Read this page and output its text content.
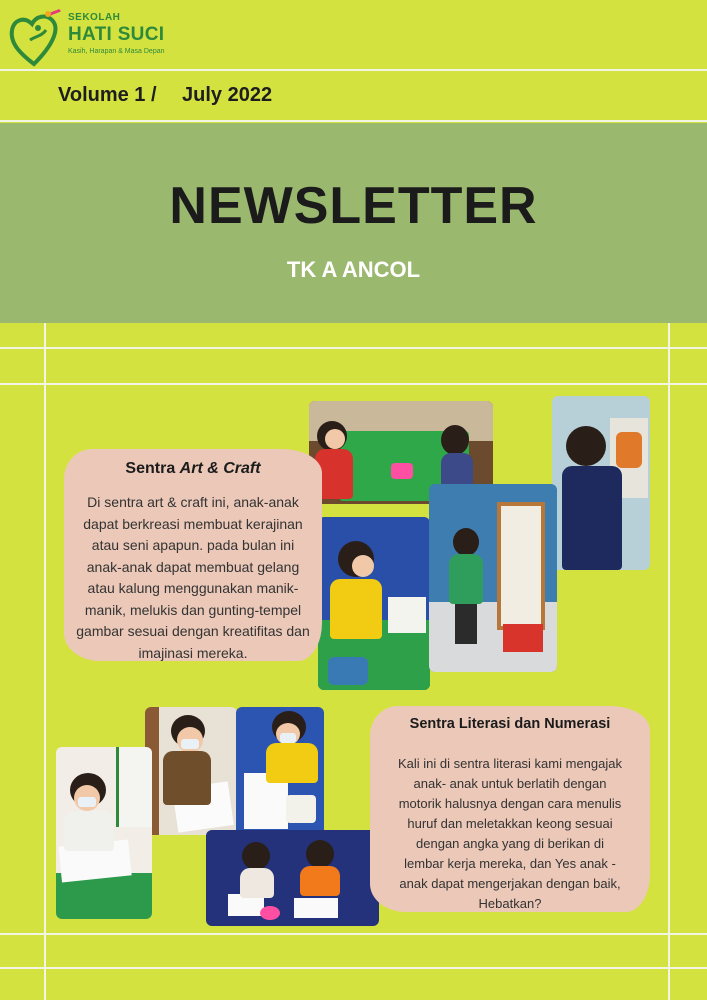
SEKOLAH
HATI SUCI
Kasih, Harapan & Masa Depan
Volume 1 / July 2022
NEWSLETTER
TK A ANCOL
Sentra Art & Craft
Di sentra art & craft ini, anak-anak
dapat berkreasi membuat kerajinan
atau seni apapun. pada bulan ini
anak-anak dapat membuat gelang
atau kalung menggunakan manik-
manik, melukis dan gunting-tempel
gambar sesuai dengan kreatifitas dan
imajinasi mereka.
Sentra Literasi dan Numerasi
Kali ini di sentra literasi kami mengajak
anak- anak untuk berlatih dengan
motorik halusnya dengan cara menulis
huruf dan meletakkan keong sesuai
dengan angka yang di berikan di
lembar kerja mereka, dan Yes anak -
anak dapat mengerjakan dengan baik,
Hebatkan?
